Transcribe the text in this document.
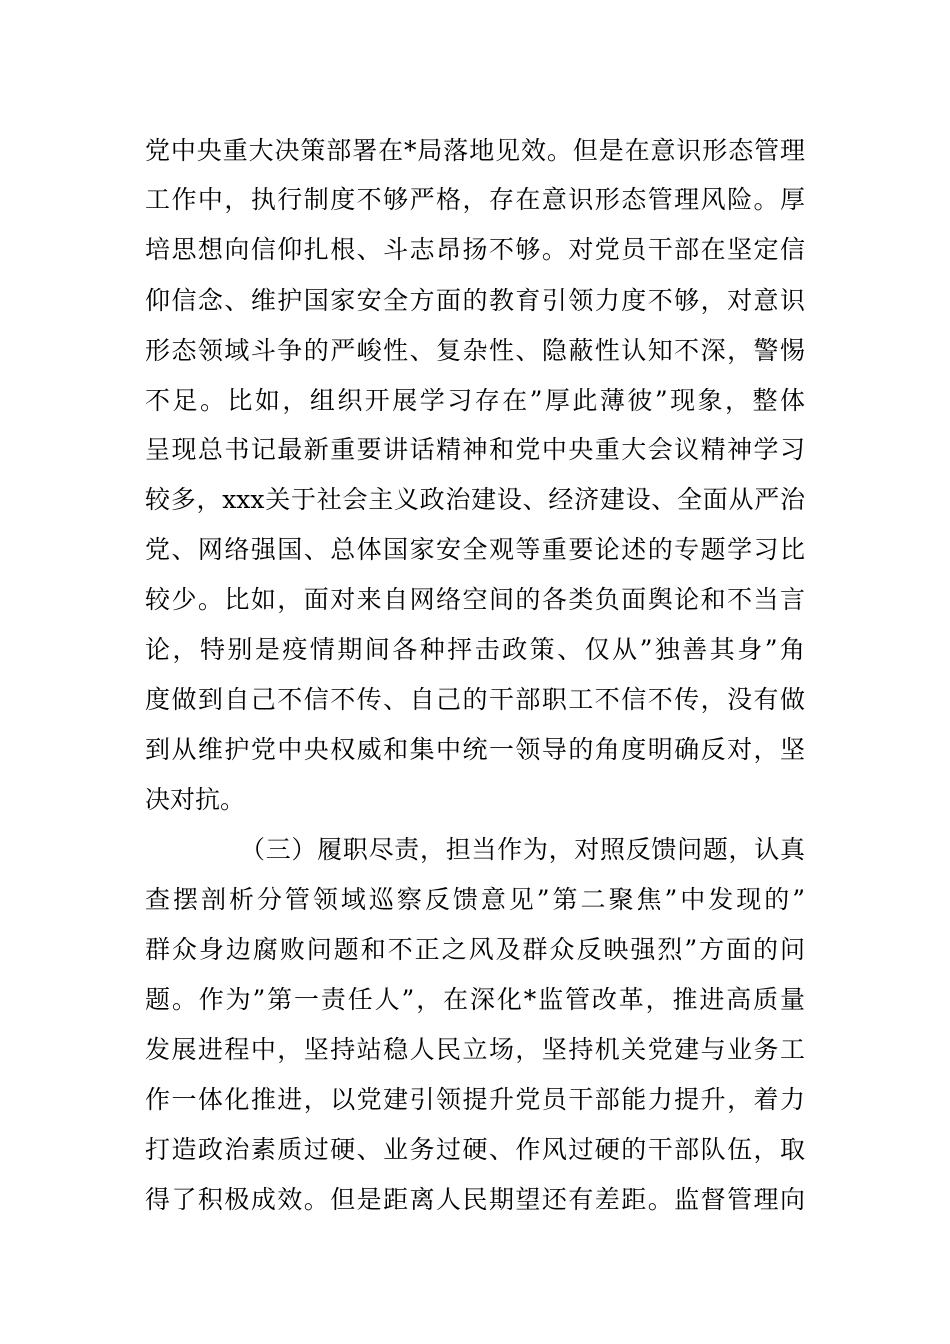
党中央重大决策部署在*局落地见效。但是在意识形态管理
工作中，执行制度不够严格，存在意识形态管理风险。厚
培思想向信仰扎根、斗志昂扬不够。对党员干部在坚定信
仰信念、维护国家安全方面的教育引领力度不够，对意识
形态领域斗争的严峻性、复杂性、隐蔽性认知不深，警惕
不足。比如，组织开展学习存在”厚此薄彼”现象，整体
呈现总书记最新重要讲话精神和党中央重大会议精神学习
较多，xxx关于社会主义政治建设、经济建设、全面从严治
党、网络强国、总体国家安全观等重要论述的专题学习比
较少。比如，面对来自网络空间的各类负面舆论和不当言
论，特别是疫情期间各种抨击政策、仅从”独善其身”角
度做到自己不信不传、自己的干部职工不信不传，没有做
到从维护党中央权威和集中统一领导的角度明确反对，坚
决对抗。
（三）履职尽责，担当作为，对照反馈问题，认真
查摆剖析分管领域巡察反馈意见”第二聚焦”中发现的”
群众身边腐败问题和不正之风及群众反映强烈”方面的问
题。作为”第一责任人”，在深化*监管改革，推进高质量
发展进程中，坚持站稳人民立场，坚持机关党建与业务工
作一体化推进，以党建引领提升党员干部能力提升，着力
打造政治素质过硬、业务过硬、作风过硬的干部队伍，取
得了积极成效。但是距离人民期望还有差距。监督管理向
